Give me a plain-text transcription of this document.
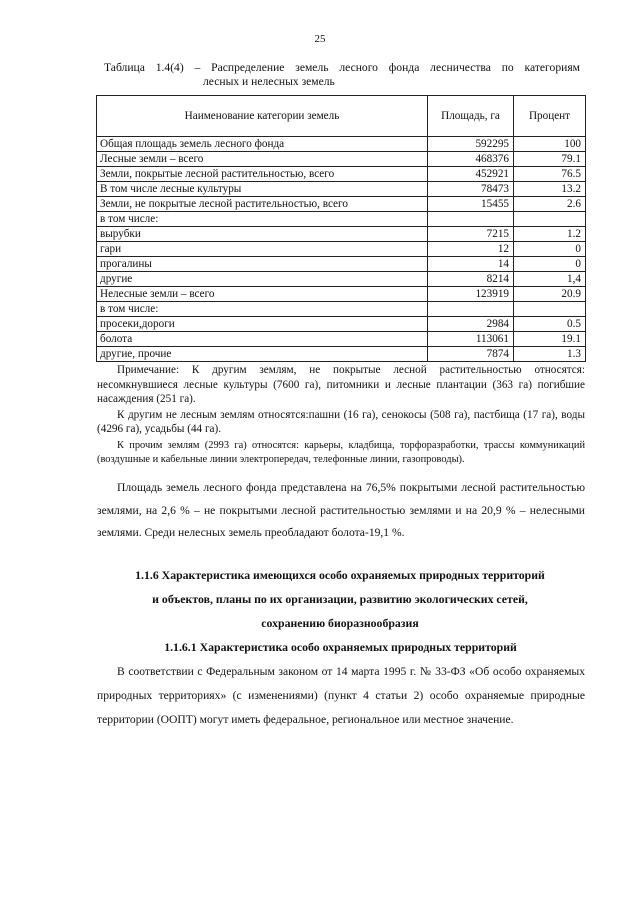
25
Таблица 1.4(4) – Распределение земель лесного фонда лесничества по категориям
лесных и нелесных земель
Наименование категории земель	Площадь, га	Процент
Общая площадь земель лесного фонда	592295	100
Лесные земли – всего	468376	79.1
Земли, покрытые лесной растительностью, всего	452921	76.5
В том числе лесные культуры	78473	13.2
Земли, не покрытые лесной растительностью, всего	15455	2.6
в том числе:		
вырубки	7215	1.2
гари	12	0
прогалины	14	0
другие	8214	1,4
Нелесные земли – всего	123919	20.9
в том числе:		
просеки,дороги	2984	0.5
болота	113061	19.1
другие, прочие	7874	1.3

Примечание: К другим землям, не покрытые лесной растительностью относятся: несомкнувшиеся лесные культуры (7600 га), питомники и лесные плантации (363 га) погибшие насаждения (251 га).

К другим не лесным землям относятся:пашни (16 га), сенокосы (508 га), пастбища (17 га), воды (4296 га), усадьбы (44 га).

К прочим землям (2993 га) относятся: карьеры, кладбища, торфоразработки, трассы коммуникаций (воздушные и кабельные линии электропередач, телефонные линии, газопроводы).

Площадь земель лесного фонда представлена на 76,5% покрытыми лесной растительностью землями, на 2,6 % – не покрытыми лесной растительностью землями и на 20,9 % – нелесными землями. Среди нелесных земель преобладают болота-19,1 %.

1.1.6 Характеристика имеющихся особо охраняемых природных территорий
и объектов, планы по их организации, развитию экологических сетей,
сохранению биоразнообразия
1.1.6.1 Характеристика особо охраняемых природных территорий

В соответствии с Федеральным законом от 14 марта 1995 г. № 33-ФЗ «Об особо охраняемых природных территориях» (с изменениями) (пункт 4 статьи 2) особо охраняемые природные территории (ООПТ) могут иметь федеральное, региональное или местное значение.
